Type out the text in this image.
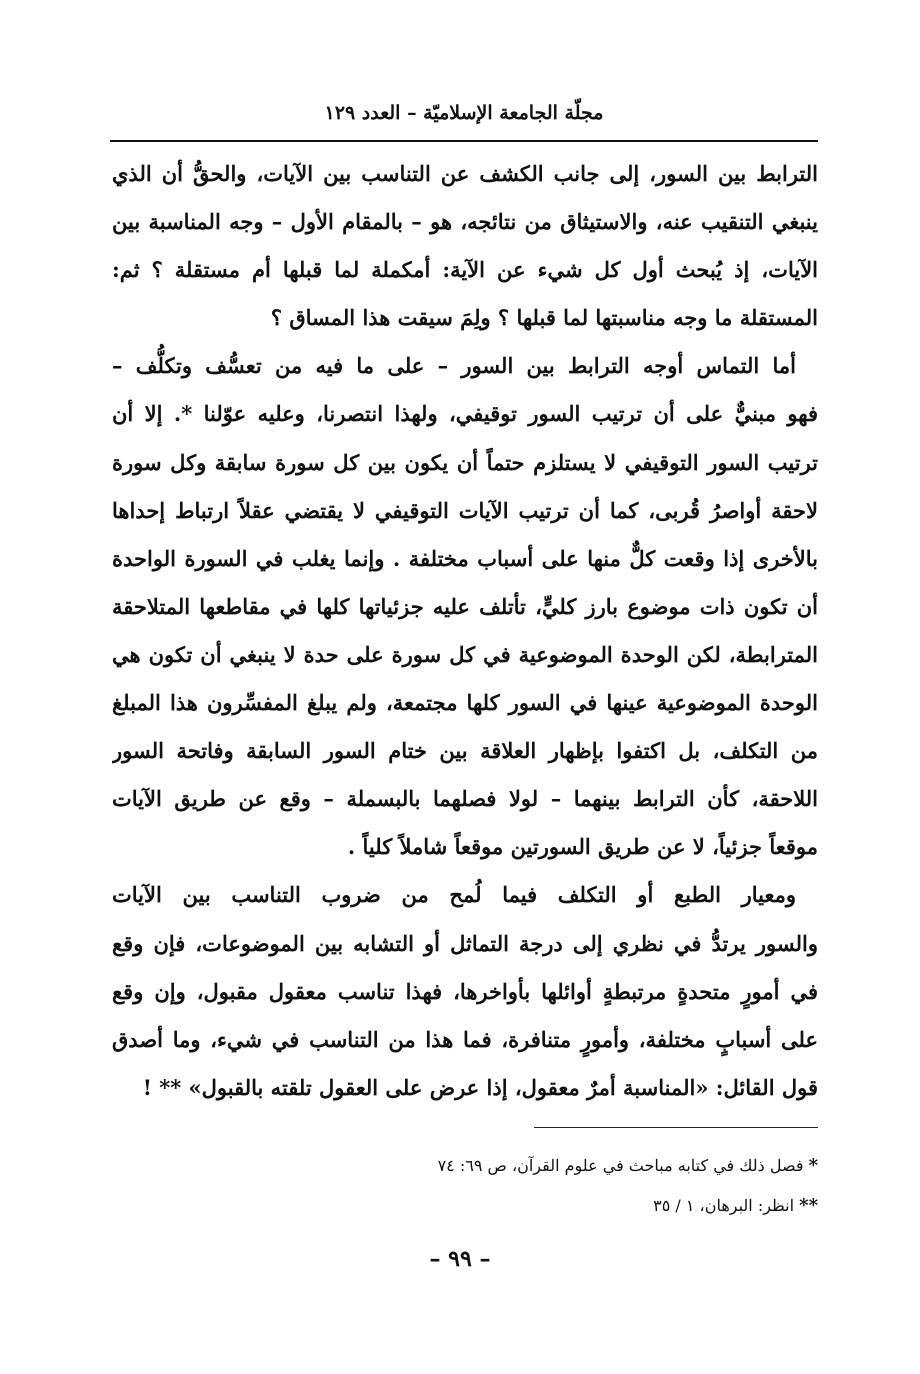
مجلّة الجامعة الإسلاميّة – العدد ١٢٩
الترابط بين السور، إلى جانب الكشف عن التناسب بين الآيات، والحقُّ أن الذي
ينبغي التنقيب عنه، والاستيثاق من نتائجه، هو – بالمقام الأول – وجه المناسبة بين
الآيات، إذ يُبحث أول كل شيء عن الآية: أمكملة لما قبلها أم مستقلة ؟ ثم:
المستقلة ما وجه مناسبتها لما قبلها ؟ ولِمَ سيقت هذا المساق ؟
أما التماس أوجه الترابط بين السور – على ما فيه من تعسُّف وتكلُّف –
فهو مبنيٌّ على أن ترتيب السور توقيفي، ولهذا انتصرنا، وعليه عوّلنا *. إلا أن
ترتيب السور التوقيفي لا يستلزم حتماً أن يكون بين كل سورة سابقة وكل سورة
لاحقة أواصرُ قُربى، كما أن ترتيب الآيات التوقيفي لا يقتضي عقلاً ارتباط إحداها
بالأخرى إذا وقعت كلٌّ منها على أسباب مختلفة . وإنما يغلب في السورة الواحدة
أن تكون ذات موضوع بارز كليٍّ، تأتلف عليه جزئياتها كلها في مقاطعها المتلاحقة
المترابطة، لكن الوحدة الموضوعية في كل سورة على حدة لا ينبغي أن تكون هي
الوحدة الموضوعية عينها في السور كلها مجتمعة، ولم يبلغ المفسِّرون هذا المبلغ
من التكلف، بل اكتفوا بإظهار العلاقة بين ختام السور السابقة وفاتحة السور
اللاحقة، كأن الترابط بينهما – لولا فصلهما بالبسملة – وقع عن طريق الآيات
موقعاً جزئياً، لا عن طريق السورتين موقعاً شاملاً كلياً .
ومعيار الطبع أو التكلف فيما لُمح من ضروب التناسب بين الآيات
والسور يرتدُّ في نظري إلى درجة التماثل أو التشابه بين الموضوعات، فإن وقع
في أمورٍ متحدةٍ مرتبطةٍ أوائلها بأواخرها، فهذا تناسب معقول مقبول، وإن وقع
على أسبابٍ مختلفة، وأمورٍ متنافرة، فما هذا من التناسب في شيء، وما أصدق
قول القائل: «المناسبة أمرٌ معقول، إذا عرض على العقول تلقته بالقبول» ** !
* فصل ذلك في كتابه مباحث في علوم القرآن، ص ٦٩: ٧٤
** انظر: البرهان، ١ / ٣٥
– ٩٩ –
